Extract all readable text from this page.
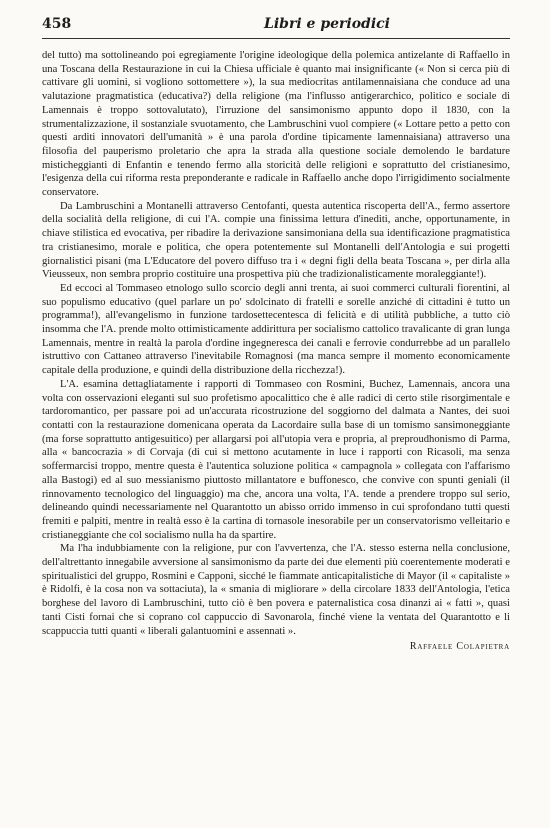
458	Libri e periodici

del tutto) ma sottolineando poi egregiamente l'origine ideologique della polemica antizelante di Raffaello in una Toscana della Restaurazione in cui la Chiesa ufficiale è quanto mai insignificante (« Non si cerca più di cattivare gli uomini, si vogliono sottomettere »), la sua mediocritas antilamennaisiana che conduce ad una valutazione pragmatistica (educativa?) della religione (ma l'influsso antigerarchico, politico e sociale di Lamennais è troppo sottovalutato), l'irruzione del sansimonismo appunto dopo il 1830, con la strumentalizzazione, il sostanziale svuotamento, che Lambruschini vuol compiere (« Lottare petto a petto con questi arditi innovatori dell'umanità » è una parola d'ordine tipicamente lamennaisiana) attraverso una filosofia del pauperismo proletario che apra la strada alla questione sociale demolendo le bardature misticheggianti di Enfantin e tenendo fermo alla storicità delle religioni e soprattutto del cristianesimo, l'esigenza della cui riforma resta preponderante e radicale in Raffaello anche dopo l'irrigidimento socialmente conservatore.

Da Lambruschini a Montanelli attraverso Centofanti, questa autentica riscoperta dell'A., fermo assertore della socialità della religione, di cui l'A. compie una finissima lettura d'inediti, anche, opportunamente, in chiave stilistica ed evocativa, per ribadire la derivazione sansimoniana della sua identificazione pragmatistica tra cristianesimo, morale e politica, che opera potentemente sul Montanelli dell'Antologia e sui progetti giornalistici pisani (ma L'Educatore del povero diffuso tra i « degni figli della beata Toscana », per dirla alla Vieusseux, non sembra proprio costituire una prospettiva più che tradizionalisticamente moraleggiante!).

Ed eccoci al Tommaseo etnologo sullo scorcio degli anni trenta, ai suoi commerci culturali fiorentini, al suo populismo educativo (quel parlare un po' sdolcinato di fratelli e sorelle anziché di cittadini è tutto un programma!), all'evangelismo in funzione tardosettecentesca di felicità e di utilità pubbliche, a tutto ciò insomma che l'A. prende molto ottimisticamente addirittura per socialismo cattolico travalicante di gran lunga Lamennais, mentre in realtà la parola d'ordine ingegneresca dei canali e ferrovie condurrebbe ad un parallelo istruttivo con Cattaneo attraverso l'inevitabile Romagnosi (ma manca sempre il momento economicamente capitale della produzione, e quindi della distribuzione della ricchezza!).

L'A. esamina dettagliatamente i rapporti di Tommaseo con Rosmini, Buchez, Lamennais, ancora una volta con osservazioni eleganti sul suo profetismo apocalittico che è alle radici di certo stile risorgimentale e tardoromantico, per passare poi ad un'accurata ricostruzione del soggiorno del dalmata a Nantes, dei suoi contatti con la restaurazione domenicana operata da Lacordaire sulla base di un tomismo sansimoneggiante (ma forse soprattutto antigesuitico) per allargarsi poi all'utopia vera e propria, al preproudhonismo di Parma, alla « bancocrazia » di Corvaja (di cui si mettono acutamente in luce i rapporti con Ricasoli, ma senza soffermarcisi troppo, mentre questa è l'autentica soluzione politica « campagnola » collegata con l'affarismo alla Bastogi) ed al suo messianismo piuttosto millantatore e buffonesco, che convive con spunti geniali (il rinnovamento tecnologico del linguaggio) ma che, ancora una volta, l'A. tende a prendere troppo sul serio, delineando quindi necessariamente nel Quarantotto un abisso orrido immenso in cui sprofondano tutti questi fremiti e palpiti, mentre in realtà esso è la cartina di tornasole inesorabile per un conservatorismo velleitario e cristianeggiante che col socialismo nulla ha da spartire.

Ma l'ha indubbiamente con la religione, pur con l'avvertenza, che l'A. stesso esterna nella conclusione, dell'altrettanto innegabile avversione al sansimonismo da parte dei due elementi più coerentemente moderati e spiritualistici del gruppo, Rosmini e Capponi, sicché le fiammate anticapitalistiche di Mayor (il « capitaliste » è Ridolfi, è la cosa non va sottaciuta), la « smania di migliorare » della circolare 1833 dell'Antologia, l'etica borghese del lavoro di Lambruschini, tutto ciò è ben povera e paternalistica cosa dinanzi ai « fatti », quasi tanti Cisti fornai che si coprano col cappuccio di Savonarola, finché viene la ventata del Quarantotto e li scappuccia tutti quanti « liberali galantuomini e assennati ».

Raffaele Colapietra
